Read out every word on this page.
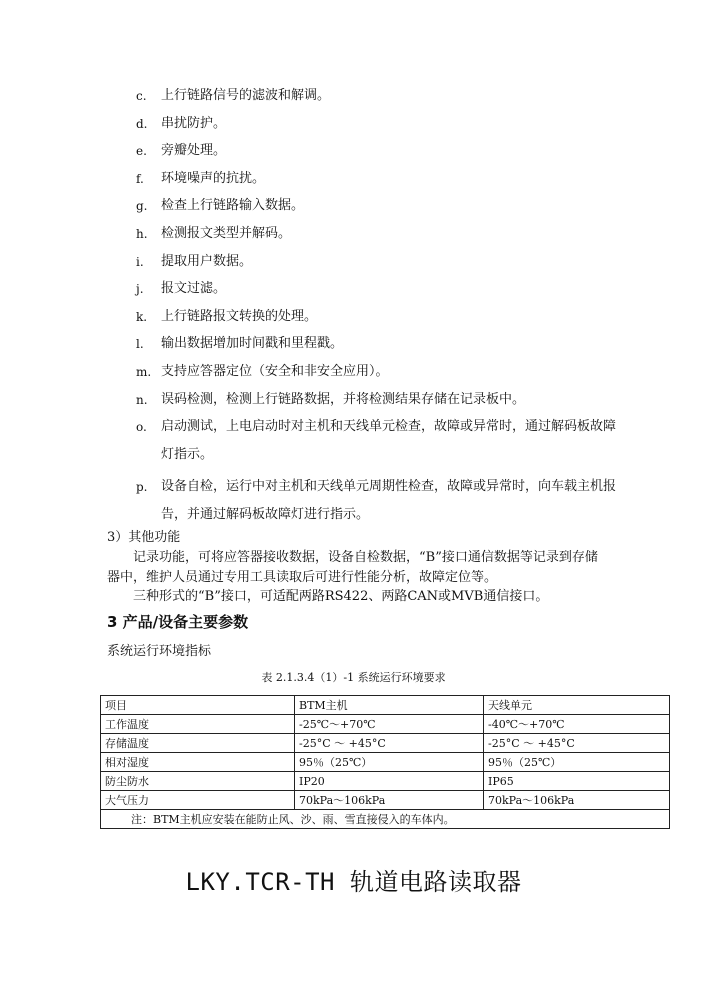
c.	上行链路信号的滤波和解调。
d.	串扰防护。
e.	旁瓣处理。
f.	环境噪声的抗扰。
g.	检查上行链路输入数据。
h.	检测报文类型并解码。
i.	提取用户数据。
j.	报文过滤。
k.	上行链路报文转换的处理。
l.	输出数据增加时间戳和里程戳。
m. 支持应答器定位（安全和非安全应用）。
n.	误码检测，检测上行链路数据，并将检测结果存储在记录板中。
o.	启动测试，上电启动时对主机和天线单元检查，故障或异常时，通过解码板故障灯指示。
p.	设备自检，运行中对主机和天线单元周期性检查，故障或异常时，向车载主机报告，并通过解码板故障灯进行指示。
3）其他功能
记录功能，可将应答器接收数据，设备自检数据，“B”接口通信数据等记录到存储器中，维护人员通过专用工具读取后可进行性能分析，故障定位等。
三种形式的“B”接口，可适配两路RS422、两路CAN或MVB通信接口。
3 产品/设备主要参数
系统运行环境指标
表 2.1.3.4（1）-1 系统运行环境要求
项目	BTM主机	天线单元
工作温度	-25℃～+70℃	-40℃～+70℃
存储温度	-25°C ～ +45°C	-25°C ～ +45°C
相对湿度	95％（25℃）	95％（25℃）
防尘防水	IP20	IP65
大气压力	70kPa～106kPa	70kPa～106kPa
注：BTM主机应安装在能防止风、沙、雨、雪直接侵入的车体内。		
LKY.TCR-TH 轨道电路读取器
